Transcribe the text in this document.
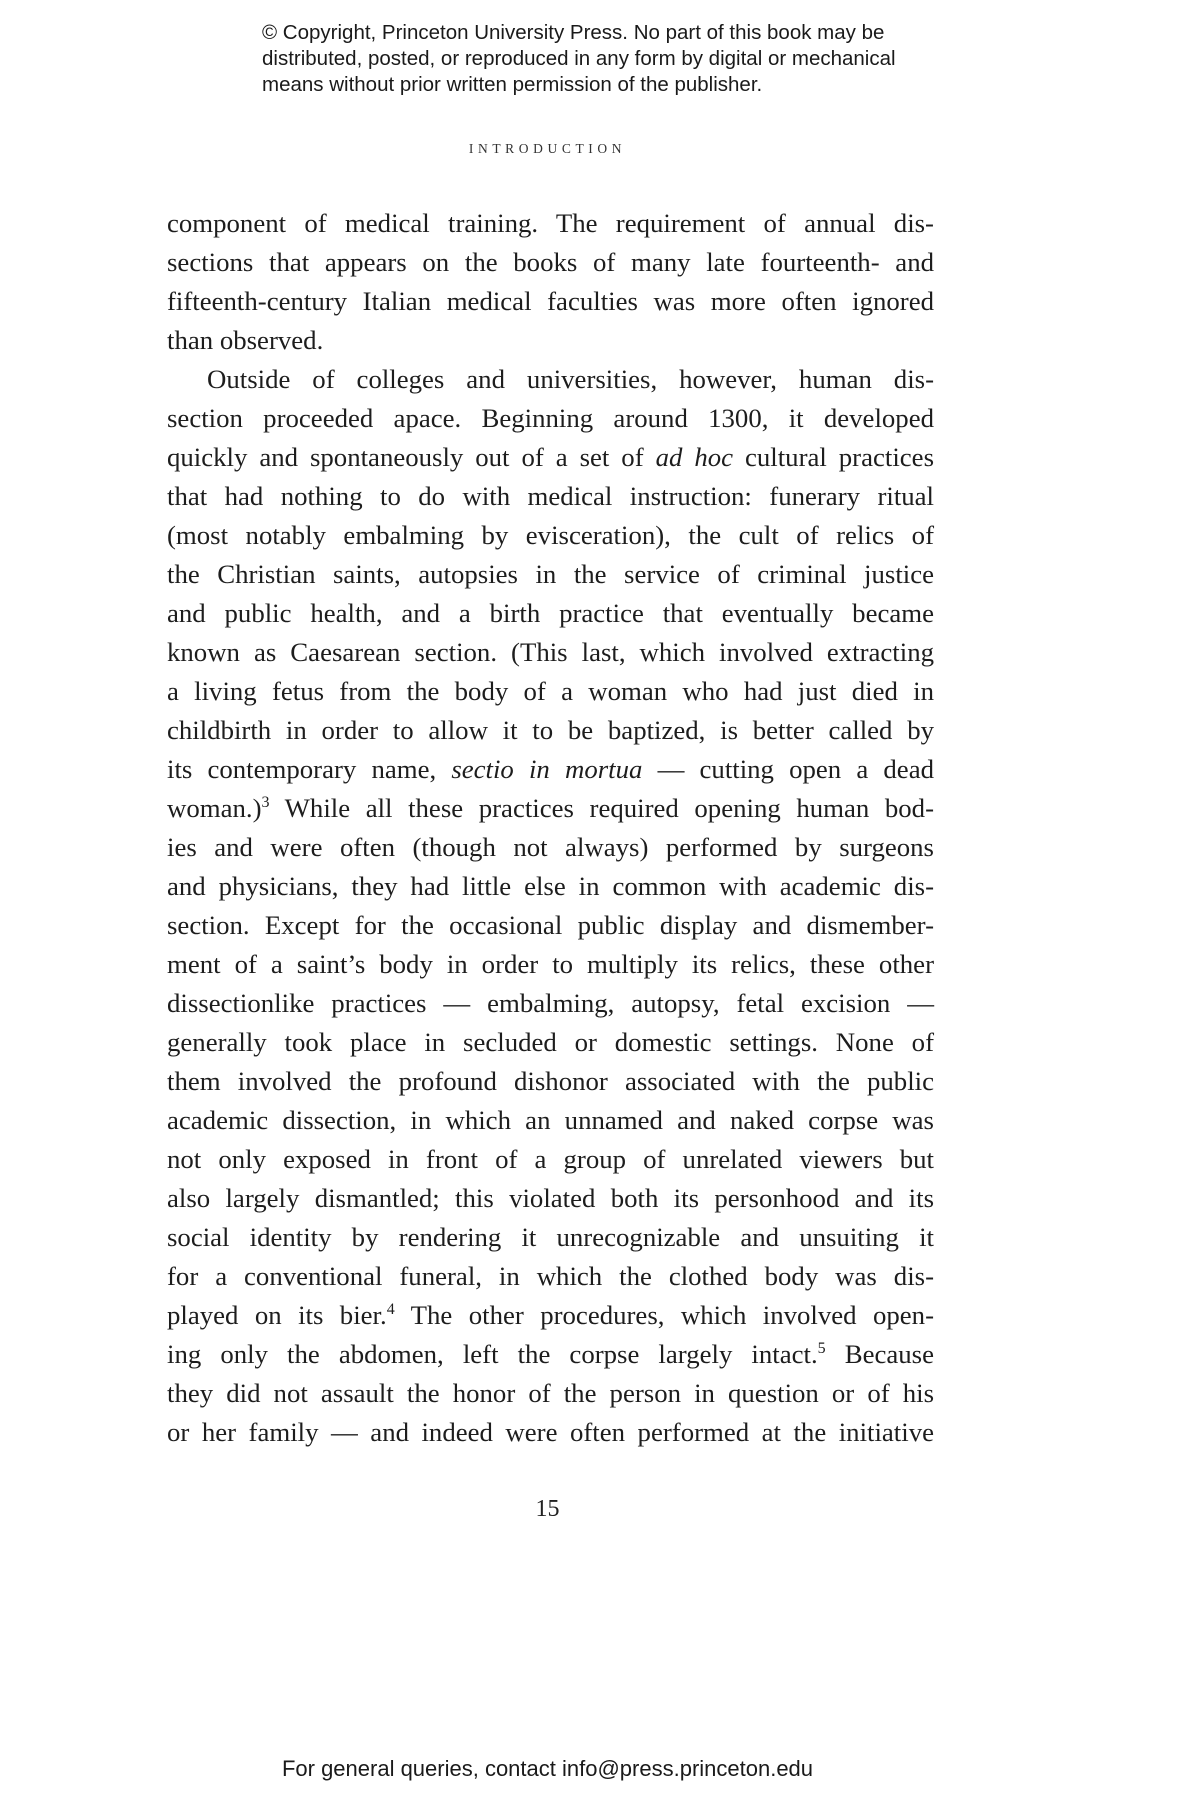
© Copyright, Princeton University Press. No part of this book may be
distributed, posted, or reproduced in any form by digital or mechanical
means without prior written permission of the publisher.
INTRODUCTION
component of medical training. The requirement of annual dis-
sections that appears on the books of many late fourteenth- and
fifteenth-century Italian medical faculties was more often ignored
than observed.
Outside of colleges and universities, however, human dis-
section proceeded apace. Beginning around 1300, it developed
quickly and spontaneously out of a set of ad hoc cultural practices
that had nothing to do with medical instruction: funerary ritual
(most notably embalming by evisceration), the cult of relics of
the Christian saints, autopsies in the service of criminal justice
and public health, and a birth practice that eventually became
known as Caesarean section. (This last, which involved extracting
a living fetus from the body of a woman who had just died in
childbirth in order to allow it to be baptized, is better called by
its contemporary name, sectio in mortua — cutting open a dead
woman.)$^3$ While all these practices required opening human bod-
ies and were often (though not always) performed by surgeons
and physicians, they had little else in common with academic dis-
section. Except for the occasional public display and dismember-
ment of a saint’s body in order to multiply its relics, these other
dissectionlike practices — embalming, autopsy, fetal excision —
generally took place in secluded or domestic settings. None of
them involved the profound dishonor associated with the public
academic dissection, in which an unnamed and naked corpse was
not only exposed in front of a group of unrelated viewers but
also largely dismantled; this violated both its personhood and its
social identity by rendering it unrecognizable and unsuiting it
for a conventional funeral, in which the clothed body was dis-
played on its bier.$^4$ The other procedures, which involved open-
ing only the abdomen, left the corpse largely intact.$^5$ Because
they did not assault the honor of the person in question or of his
or her family — and indeed were often performed at the initiative
15
For general queries, contact info@press.princeton.edu
